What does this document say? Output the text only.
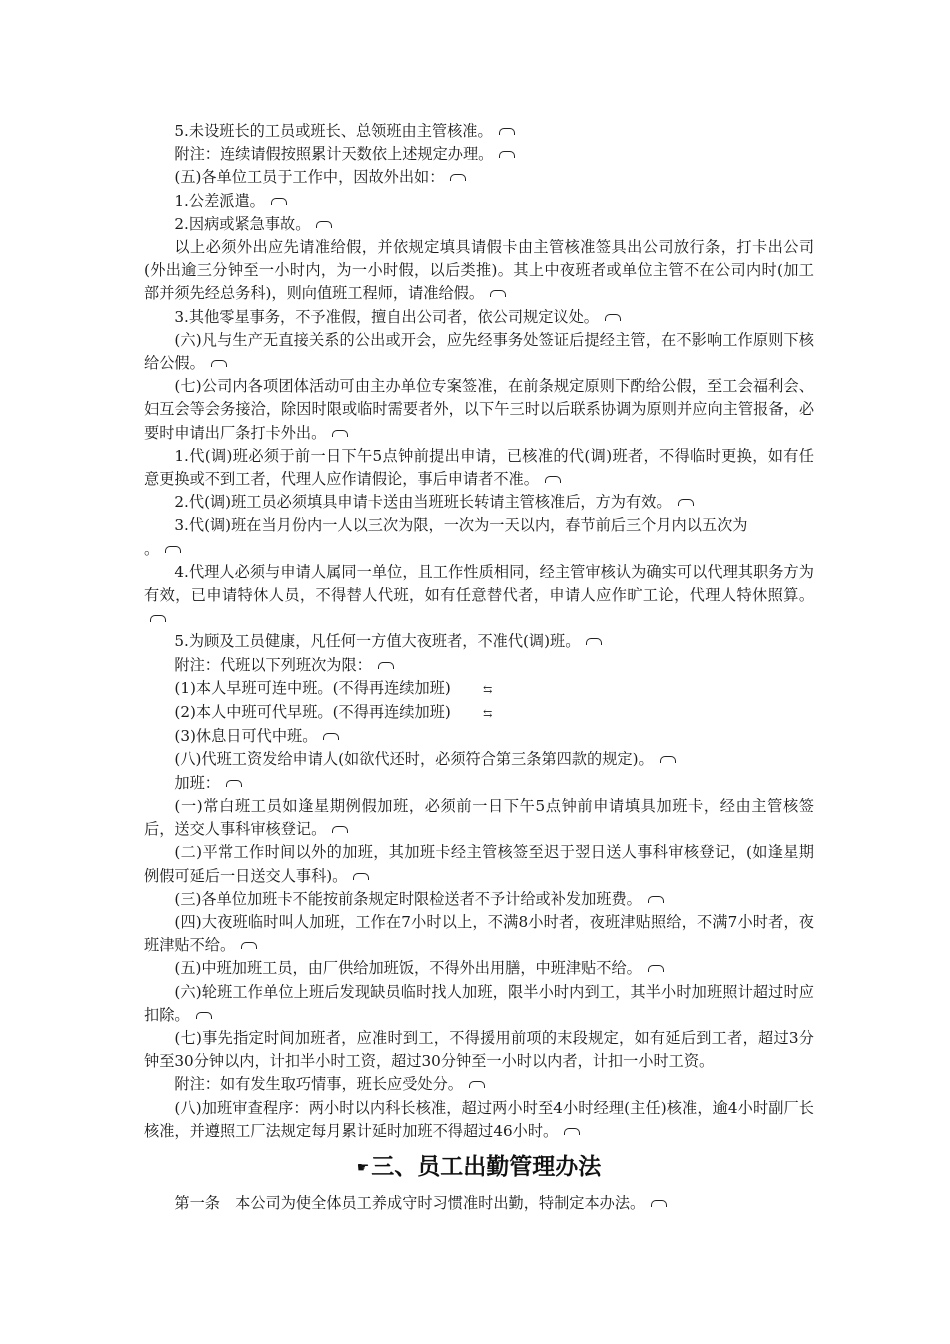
5.未设班长的工员或班长、总领班由主管核准。

附注：连续请假按照累计天数依上述规定办理。

(五)各单位工员于工作中，因故外出如：

1.公差派遣。

2.因病或紧急事故。

以上必须外出应先请准给假，并依规定填具请假卡由主管核准签具出公司放行条，打卡出公司(外出逾三分钟至一小时内，为一小时假，以后类推)。其上中夜班者或单位主管不在公司内时(加工部并须先经总务科)，则向值班工程师，请准给假。

3.其他零星事务，不予准假，擅自出公司者，依公司规定议处。

(六)凡与生产无直接关系的公出或开会，应先经事务处签证后提经主管，在不影响工作原则下核给公假。

(七)公司内各项团体活动可由主办单位专案签准，在前条规定原则下酌给公假，至工会福利会、妇互会等会务接洽，除因时限或临时需要者外，以下午三时以后联系协调为原则并应向主管报备，必要时申请出厂条打卡外出。

1.代(调)班必须于前一日下午5点钟前提出申请，已核准的代(调)班者，不得临时更换，如有任意更换或不到工者，代理人应作请假论，事后申请者不准。

2.代(调)班工员必须填具申请卡送由当班班长转请主管核准后，方为有效。

3.代(调)班在当月份内一人以三次为限，一次为一天以内，春节前后三个月内以五次为

。

4.代理人必须与申请人属同一单位，且工作性质相同，经主管审核认为确实可以代理其职务方为有效，已申请特休人员，不得替人代班，如有任意替代者，申请人应作旷工论，代理人特休照算。

5.为顾及工员健康，凡任何一方值大夜班者，不准代(调)班。

附注：代班以下列班次为限：

(1)本人早班可连中班。(不得再连续加班)	⇆

(2)本人中班可代早班。(不得再连续加班)	⇆

(3)休息日可代中班。

(八)代班工资发给申请人(如欲代还时，必须符合第三条第四款的规定)。

加班：

(一)常白班工员如逢星期例假加班，必须前一日下午5点钟前申请填具加班卡，经由主管核签后，送交人事科审核登记。

(二)平常工作时间以外的加班，其加班卡经主管核签至迟于翌日送人事科审核登记，(如逢星期例假可延后一日送交人事科)。

(三)各单位加班卡不能按前条规定时限检送者不予计给或补发加班费。

(四)大夜班临时叫人加班，工作在7小时以上，不满8小时者，夜班津贴照给，不满7小时者，夜班津贴不给。

(五)中班加班工员，由厂供给加班饭，不得外出用膳，中班津贴不给。

(六)轮班工作单位上班后发现缺员临时找人加班，限半小时内到工，其半小时加班照计超过时应扣除。

(七)事先指定时间加班者，应准时到工，不得援用前项的末段规定，如有延后到工者，超过3分钟至30分钟以内，计扣半小时工资，超过30分钟至一小时以内者，计扣一小时工资。

附注：如有发生取巧情事，班长应受处分。

(八)加班审查程序：两小时以内科长核准，超过两小时至4小时经理(主任)核准，逾4小时副厂长核准，并遵照工厂法规定每月累计延时加班不得超过46小时。

☛三、员工出勤管理办法

第一条　本公司为使全体员工养成守时习惯准时出勤，特制定本办法。
